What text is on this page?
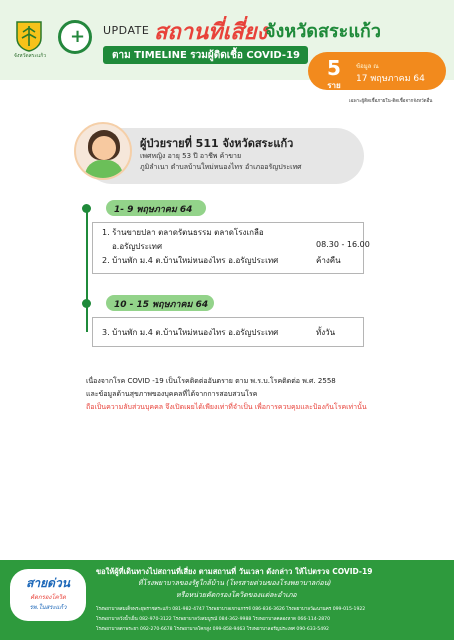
จังหวัดสระแก้ว
+ UPDATE สถานที่เสี่ยง
จังหวัดสระแก้ว
ตาม TIMELINE รวมผู้ติดเชื้อ COVID-19
5
ราย
ข้อมูล ณ
17 พฤษภาคม 64
เฉพาะผู้ติดเชื้อภายใน-ติดเชื้อจากจังหวัดอื่น
ผู้ป่วยรายที่ 511 จังหวัดสระแก้ว
เพศหญิง อายุ 53 ปี อาชีพ ค้าขาย
ภูมิลำเนา ตำบลบ้านใหม่หนองไทร อำเภออรัญประเทศ
1- 9 พฤษภาคม 64
1. ร้านขายปลา ตลาดรัตนธรรม ตลาดโรงเกลือ
อ.อรัญประเทศ	08.30 - 16.00
2. บ้านพัก ม.4 ต.บ้านใหม่หนองไทร อ.อรัญประเทศ	ค้างคืน
10 - 15 พฤษภาคม 64
3. บ้านพัก ม.4 ต.บ้านใหม่หนองไทร อ.อรัญประเทศ	ทั้งวัน
เนื่องจากโรค COVID -19 เป็นโรคติดต่ออันตราย ตาม พ.ร.บ.โรคติดต่อ พ.ศ. 2558
และข้อมูลด้านสุขภาพของบุคคลที่ได้จากการสอบสวนโรค
ถือเป็นความลับส่วนบุคคล จึงเปิดเผยได้เพียงเท่าที่จำเป็น เพื่อการควบคุมและป้องกันโรคเท่านั้น
สายด่วน
คัดกรองโควิด
รพ.ในสระแก้ว
ขอให้ผู้ที่เดินทางไปสถานที่เสี่ยง ตามสถานที่ วันเวลา ดังกล่าว ให้ไปตรวจ COVID-19
ที่โรงพยาบาลของรัฐใกล้บ้าน (โทรสายด่วนของโรงพยาบาลก่อน)
หรือหน่วยคัดกรองโควิดของแต่ละอำเภอ
โรงพยาบาลสมเด็จพระยุพราชสระแก้ว 081-982-4747 โรงพยาบาลเขาฉกรรจ์ 086-836-3626 โรงพยาบาลวัฒนานคร 099-015-1922
โรงพยาบาลวังน้ำเย็น 082-970-3122 โรงพยาบาลวังสมบูรณ์ 084-362-9988 โรงพยาบาลคลองหาด 066-114-2870
โรงพยาบาลตาพระยา 092-270-6678 โรงพยาบาลโคกสูง 099-858-9463 โรงพยาบาลอรัญประเทศ 090-633-5492
